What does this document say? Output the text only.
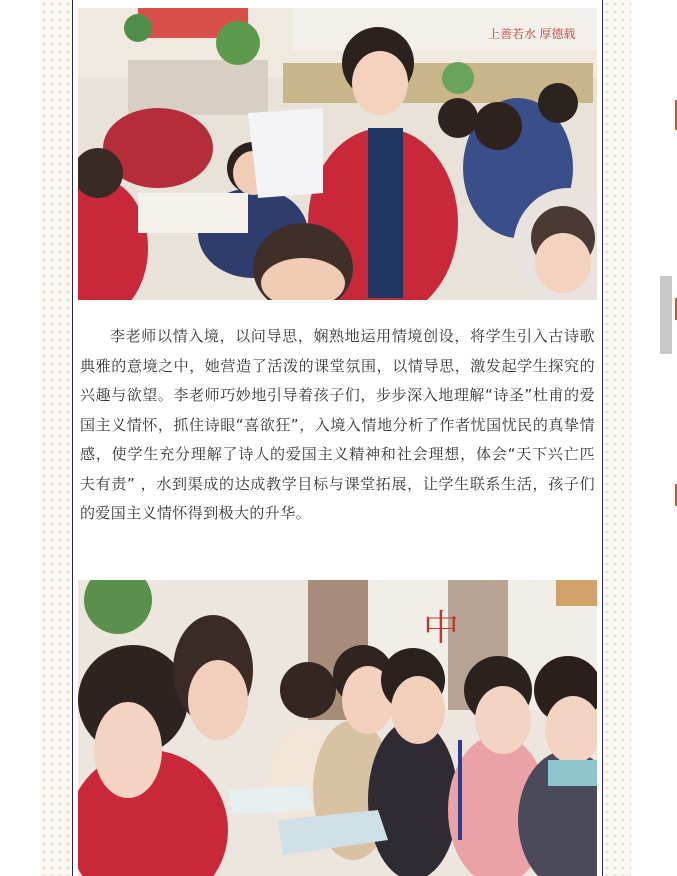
上善若水 厚德载

李老师以情入境，以问导思，娴熟地运用情境创设，将学生引入古诗歌典雅的意境之中，她营造了活泼的课堂氛围，以情导思，激发起学生探究的兴趣与欲望。李老师巧妙地引导着孩子们，步步深入地理解“诗圣”杜甫的爱国主义情怀，抓住诗眼“喜欲狂”，入境入情地分析了作者忧国忧民的真挚情感，使学生充分理解了诗人的爱国主义精神和社会理想，体会“天下兴亡匹夫有责” ，水到渠成的达成教学目标与课堂拓展，让学生联系生活，孩子们的爱国主义情怀得到极大的升华。

中
